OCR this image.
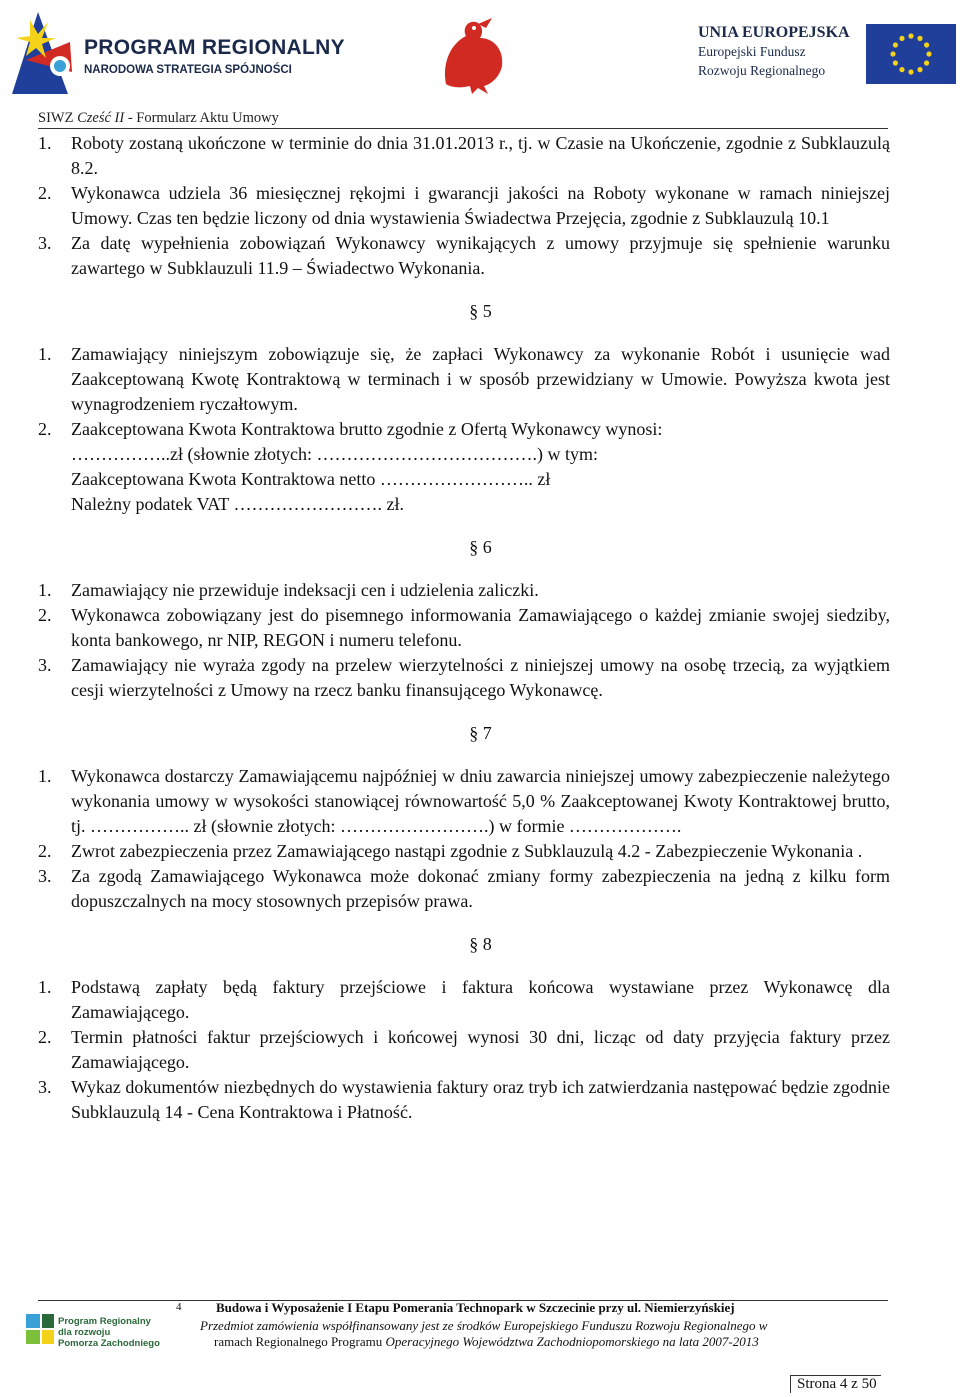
PROGRAM REGIONALNY
NARODOWA STRATEGIA SPÓJNOŚCI
UNIA EUROPEJSKA
Europejski Fundusz
Rozwoju Regionalnego
SIWZ Cześć II - Formularz Aktu Umowy
1. Roboty zostaną ukończone w terminie do dnia 31.01.2013 r., tj. w Czasie na Ukończenie, zgodnie z Subklauzulą 8.2.
2. Wykonawca udziela 36 miesięcznej rękojmi i gwarancji jakości na Roboty wykonane w ramach niniejszej Umowy. Czas ten będzie liczony od dnia wystawienia Świadectwa Przejęcia, zgodnie z Subklauzulą 10.1
3. Za datę wypełnienia zobowiązań Wykonawcy wynikających z umowy przyjmuje się spełnienie warunku zawartego w Subklauzuli 11.9 – Świadectwo Wykonania.
§ 5
1. Zamawiający niniejszym zobowiązuje się, że zapłaci Wykonawcy za wykonanie Robót i usunięcie wad Zaakceptowaną Kwotę Kontraktową w terminach i w sposób przewidziany w Umowie. Powyższa kwota jest wynagrodzeniem ryczałtowym.
2. Zaakceptowana Kwota Kontraktowa brutto zgodnie z Ofertą Wykonawcy wynosi:
……………..zł (słownie złotych: ……………………………….) w tym:
Zaakceptowana Kwota Kontraktowa netto …………………….. zł
Należny podatek VAT ……………………. zł.
§ 6
1. Zamawiający nie przewiduje indeksacji cen i udzielenia zaliczki.
2. Wykonawca zobowiązany jest do pisemnego informowania Zamawiającego o każdej zmianie swojej siedziby, konta bankowego, nr NIP, REGON i numeru telefonu.
3. Zamawiający nie wyraża zgody na przelew wierzytelności z niniejszej umowy na osobę trzecią, za wyjątkiem cesji wierzytelności z Umowy na rzecz banku finansującego Wykonawcę.
§ 7
1. Wykonawca dostarczy Zamawiającemu najpóźniej w dniu zawarcia niniejszej umowy zabezpieczenie należytego wykonania umowy w wysokości stanowiącej równowartość 5,0 % Zaakceptowanej Kwoty Kontraktowej brutto, tj. …………….. zł (słownie złotych: …………………….) w formie ……………….
2. Zwrot zabezpieczenia przez Zamawiającego nastąpi zgodnie z Subklauzulą 4.2 - Zabezpieczenie Wykonania .
3. Za zgodą Zamawiającego Wykonawca może dokonać zmiany formy zabezpieczenia na jedną z kilku form dopuszczalnych na mocy stosownych przepisów prawa.
§ 8
1. Podstawą zapłaty będą faktury przejściowe i faktura końcowa wystawiane przez Wykonawcę dla Zamawiającego.
2. Termin płatności faktur przejściowych i końcowej wynosi 30 dni, licząc od daty przyjęcia faktury przez Zamawiającego.
3. Wykaz dokumentów niezbędnych do wystawienia faktury oraz tryb ich zatwierdzania następować będzie zgodnie Subklauzulą 14 - Cena Kontraktowa i Płatność.
4	Budowa i Wyposażenie I Etapu Pomerania Technopark w Szczecinie przy ul. Niemierzyńskiej
Przedmiot zamówienia współfinansowany jest ze środków Europejskiego Funduszu Rozwoju Regionalnego w
ramach Regionalnego Programu Operacyjnego Województwa Zachodniopomorskiego na lata 2007-2013
Program Regionalny
dla rozwoju
Pomorza Zachodniego
Strona 4 z 50
